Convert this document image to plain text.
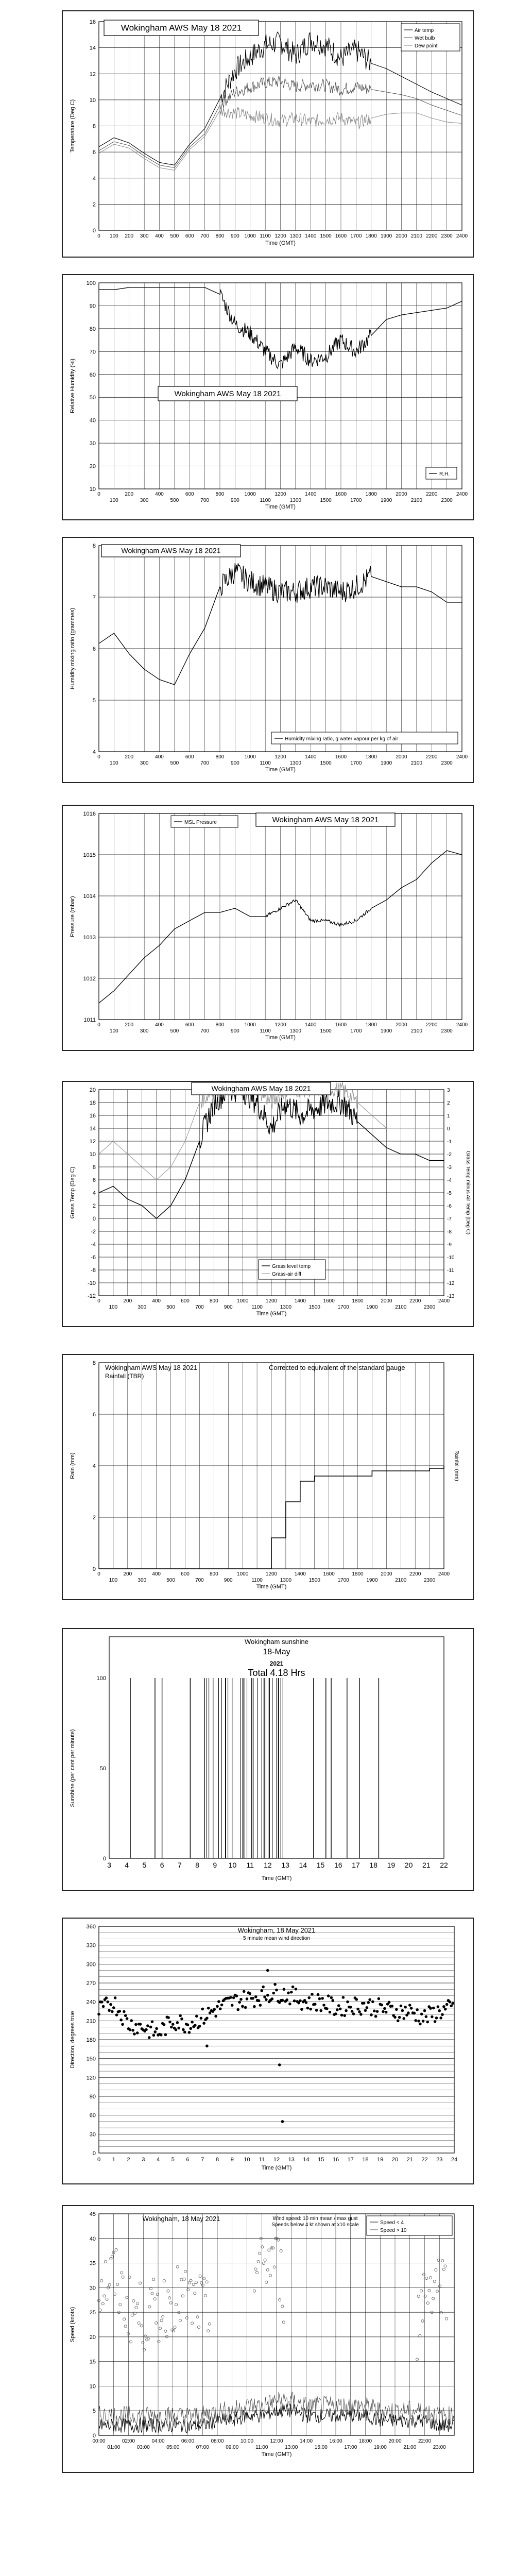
0
2
4
6
8
10
12
14
16
0 100 200 300 400 500 600 700 800 900 1000 1100 1200 1300 1400 1500 1600 1700 1800 1900 2000 2100 2200 2300 2400
Time (GMT)
Temperature (Deg C)
Wokingham AWS May 18 2021	Air temp
Wet bulb
Dew point
10
20
30
40
50
60
70
80
90
100
0	200	400	600	800	1000	1200	1400	1600	1800	2000	2200	2400
100	300	500	700	900	1100	1300	1500	1700	1900	2100	2300
Time (GMT)
Relative Humidity (%)	Wokingham AWS May 18 2021
R.H.
4
5
6
7
8
0	200	400	600	800	1000	1200	1400	1600	1800	2000	2200	2400
100	300	500	700	900	1100	1300	1500	1700	1900	2100	2300
Time (GMT)
Humidity mixing ratio (grammes)
Wokingham AWS May 18 2021
Humidity mixing ratio, g water vapour per kg of air
1011
1012
1013
1014
1015
1016
0	200	400	600	800	1000	1200	1400	1600	1800	2000	2200	2400
100	300	500	700	900	1100	1300	1500	1700	1900	2100	2300
Time (GMT)
Pressure (mbar)
MSL Pressure	Wokingham AWS May 18 2021
-12
-10
-8
-6
-4
-2
0
2
4
6
8
10
12
14
16
18
20
-13
-12
-11
-10
-9
-8
-7
-6
-5
-4
-3
-2
-1
0
1
2
3
0	200	400	600	800	1000	1200	1400	1600	1800	2000	2200	2400
100	300	500	700	900	1100	1300	1500	1700	1900	2100	2300
Time (GMT)
Grass Temp (Deg C)	Grass Temp minus Air Temp (Deg C)
Wokingham AWS May 18 2021
Grass level temp
Grass-air diff
0
2
4
6
8
0	200	400	600	800	1000	1200	1400	1600	1800	2000	2200	2400
100	300	500	700	900	1100	1300	1500	1700	1900	2100	2300
Time (GMT)
Rain (mm)	Rainfall (mm)
Wokingham AWS May 18 2021
Rainfall (TBR)
Corrected to equivalent of the standard gauge
0
50
100
3 4 5 6 7 8 9 10 11 12 13 14 15 16 17 18 19 20 21 22
Time (GMT)
Sunshine (per cent per minute)
Wokingham sunshine
18-May
2021
Total 4.18 Hrs
0
30
60
90
120
150
180
210
240
270
300
330
360
0 1 2 3 4 5 6 7 8 9 10 11 12 13 14 15 16 17 18 19 20 21 22 23 24
Time (GMT)
Direction, degrees true
Wokingham, 18 May 2021
5 minute mean wind direction
0
5
10
15
20
25
30
35
40
45
00:00	02:00	04:00	06:00	08:00	10:00	12:00	14:00	16:00	18:00	20:00	22:00
01:00	03:00	05:00	07:00	09:00	11:00	13:00	15:00	17:00	19:00	21:00	23:00
Time (GMT)
Speed (knots)
Wokingham, 18 May 2021	Wind speed: 10 min mean / max gust
Speeds below 4 kt shown at x10 scale	Speed < 4
Speed > 10
